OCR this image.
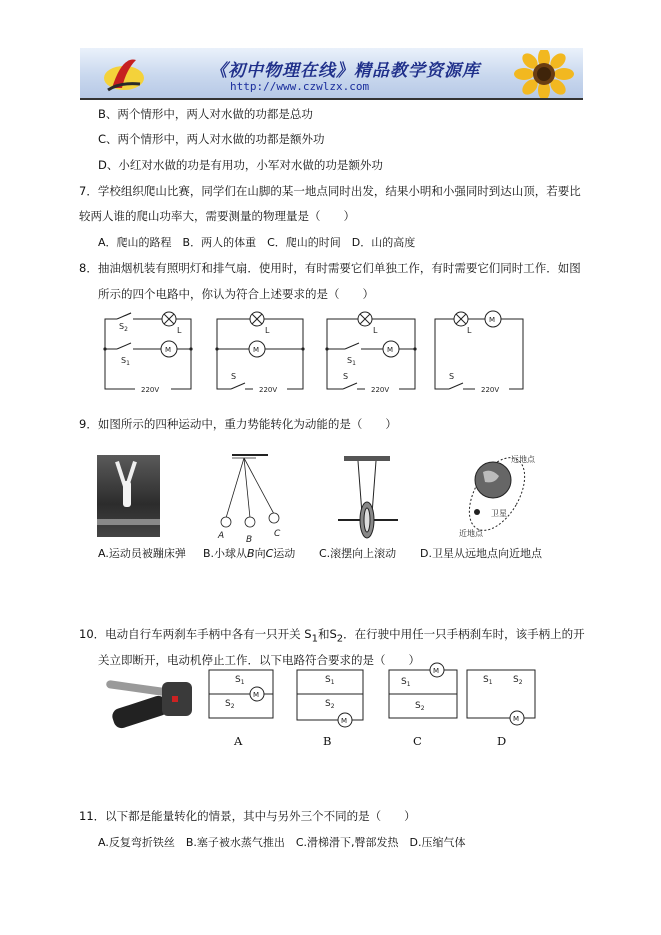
《初中物理在线》精品教学资源库
http://www.czwlzx.com
B、两个情形中，两人对水做的功都是总功
C、两个情形中，两人对水做的功都是额外功
D、小红对水做的功是有用功，小军对水做的功是额外功
7．学校组织爬山比赛，同学们在山脚的某一地点同时出发，结果小明和小强同时到达山顶，若要比
较两人谁的爬山功率大，需要测量的物理量是（　　）
A．爬山的路程　B．两人的体重　C．爬山的时间　D．山的高度
8．抽油烟机装有照明灯和排气扇．使用时，有时需要它们单独工作，有时需要它们同时工作．如图
所示的四个电路中，你认为符合上述要求的是（　　）
$S_2$
$S_1$
L
M
220V
L
M
S
220V
L
M
$S_1$
S
220V
L
M
S
220V
9．如图所示的四种运动中，重力势能转化为动能的是（　　）
A B
C
远地点
卫星
近地点
A.运动员被蹦床弹 B.小球从B向C运动 C.滚摆向上滚动 D.卫星从远地点向近地点
10．电动自行车两刹车手柄中各有一只开关 $S_1$和$S_2$．在行驶中用任一只手柄刹车时，该手柄上的开
关立即断开，电动机停止工作．以下电路符合要求的是（　　）
$S_1$
$S_2$
M
$S_1$
$S_2$
M
$S_1$
$S_2$
M
$S_1$ $S_2$
M
A	B	C	D
11．以下都是能量转化的情景，其中与另外三个不同的是（　　）
A.反复弯折铁丝　B.塞子被水蒸气推出　C.滑梯滑下,臀部发热　D.压缩气体
